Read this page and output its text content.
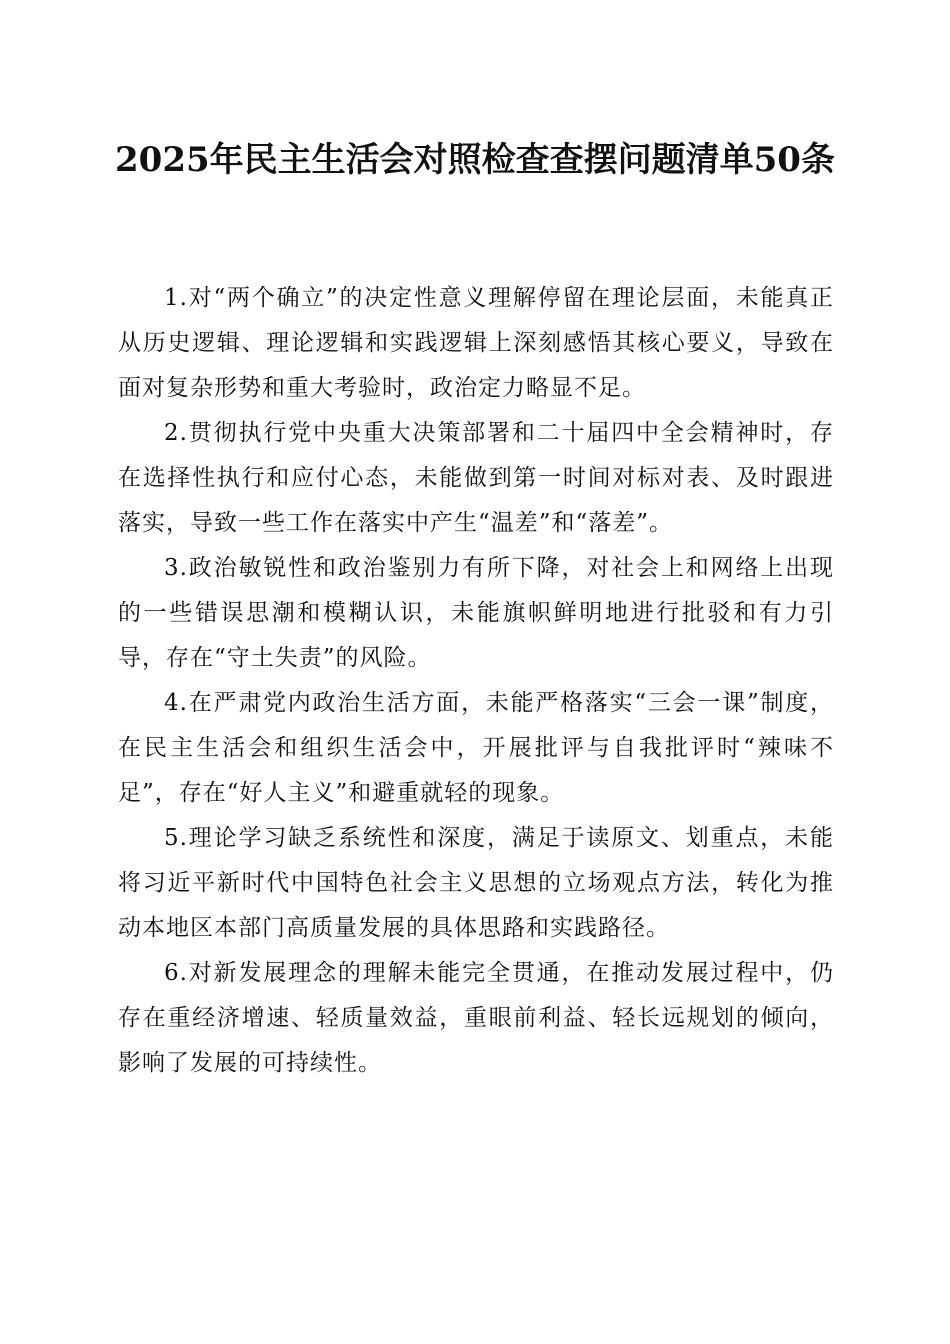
2025年民主生活会对照检查查摆问题清单50条

1.对“两个确立”的决定性意义理解停留在理论层面，未能真正从历史逻辑、理论逻辑和实践逻辑上深刻感悟其核心要义，导致在面对复杂形势和重大考验时，政治定力略显不足。

2.贯彻执行党中央重大决策部署和二十届四中全会精神时，存在选择性执行和应付心态，未能做到第一时间对标对表、及时跟进落实，导致一些工作在落实中产生“温差”和“落差”。

3.政治敏锐性和政治鉴别力有所下降，对社会上和网络上出现的一些错误思潮和模糊认识，未能旗帜鲜明地进行批驳和有力引导，存在“守土失责”的风险。

4.在严肃党内政治生活方面，未能严格落实“三会一课”制度，在民主生活会和组织生活会中，开展批评与自我批评时“辣味不足”，存在“好人主义”和避重就轻的现象。

5.理论学习缺乏系统性和深度，满足于读原文、划重点，未能将习近平新时代中国特色社会主义思想的立场观点方法，转化为推动本地区本部门高质量发展的具体思路和实践路径。

6.对新发展理念的理解未能完全贯通，在推动发展过程中，仍存在重经济增速、轻质量效益，重眼前利益、轻长远规划的倾向，影响了发展的可持续性。
